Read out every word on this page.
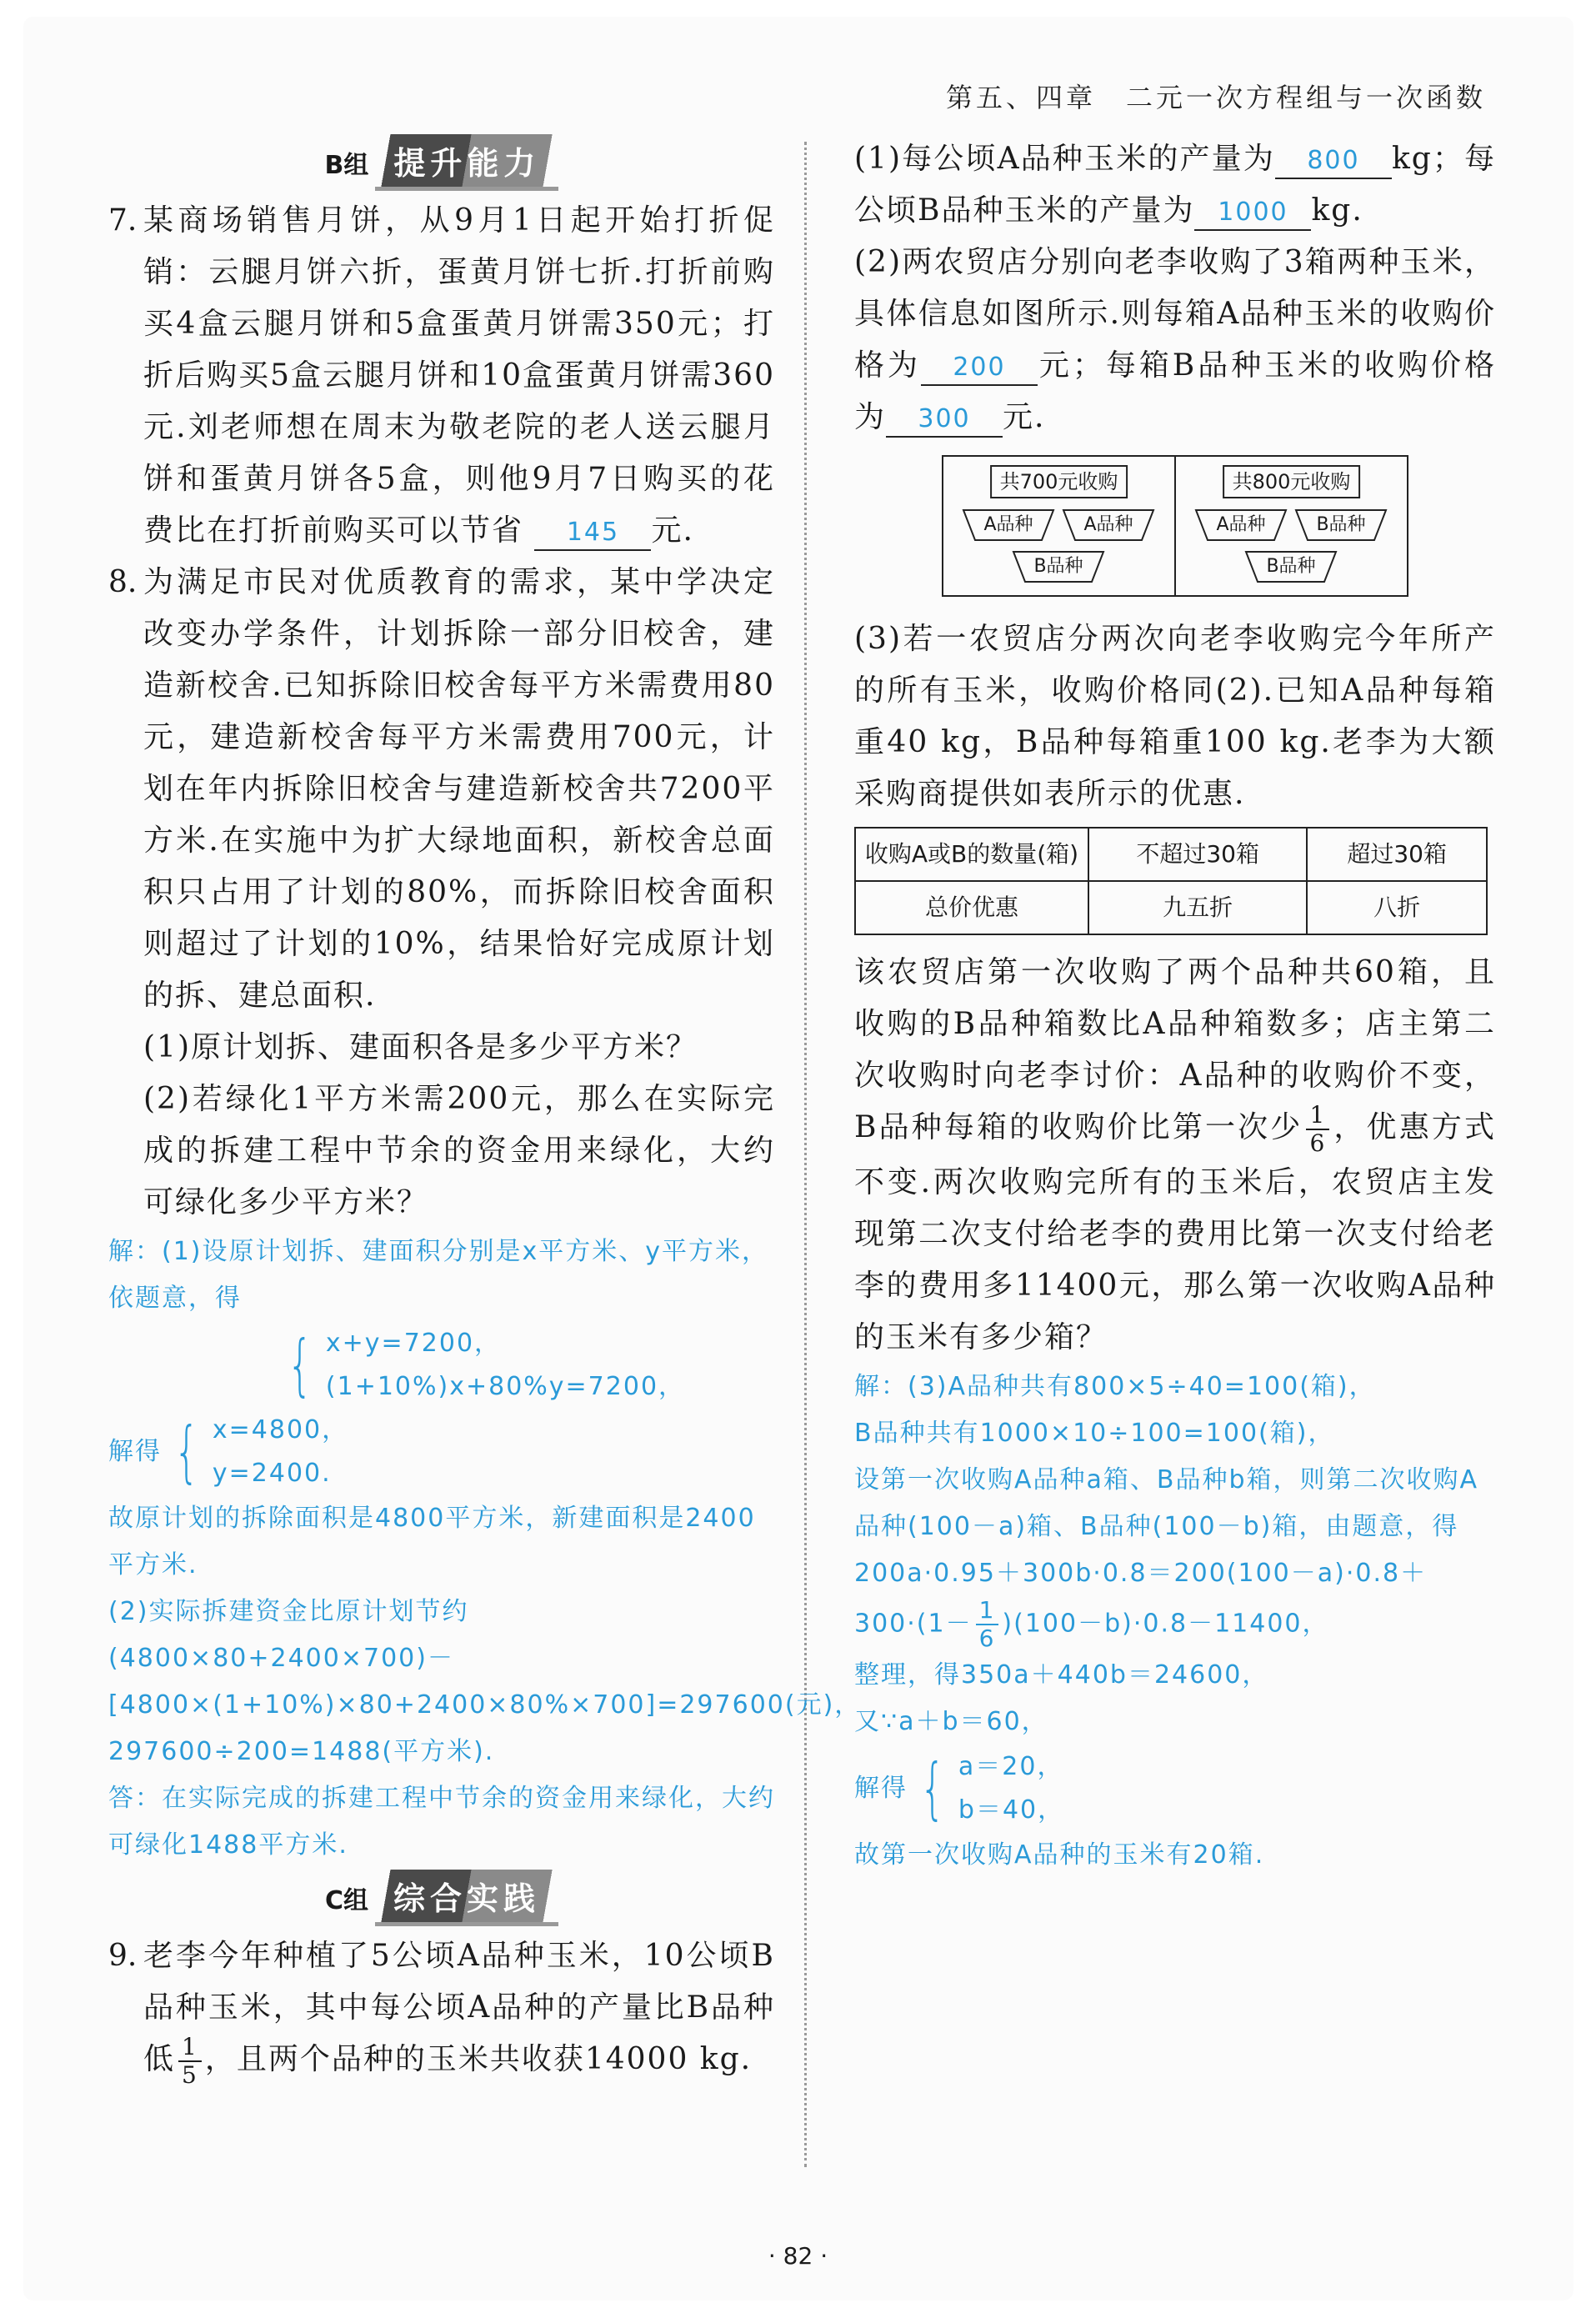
第五、四章　二元一次方程组与一次函数
B组 提升能力
7. 某商场销售月饼，从9月1日起开始打折促销：云腿月饼六折，蛋黄月饼七折.打折前购买4盒云腿月饼和5盒蛋黄月饼需350元；打折后购买5盒云腿月饼和10盒蛋黄月饼需360元.刘老师想在周末为敬老院的老人送云腿月饼和蛋黄月饼各5盒，则他9月7日购买的花费比在打折前购买可以节省 145 元.

8. 为满足市民对优质教育的需求，某中学决定改变办学条件，计划拆除一部分旧校舍，建造新校舍.已知拆除旧校舍每平方米需费用80元，建造新校舍每平方米需费用700元，计划在年内拆除旧校舍与建造新校舍共7200平方米.在实施中为扩大绿地面积，新校舍总面积只占用了计划的80%，而拆除旧校舍面积则超过了计划的10%，结果恰好完成原计划的拆、建总面积.

(1)原计划拆、建面积各是多少平方米？

(2)若绿化1平方米需200元，那么在实际完成的拆建工程中节余的资金用来绿化，大约可绿化多少平方米？

解：(1)设原计划拆、建面积分别是x平方米、y平方米，依题意，得
{ x+y=7200，
(1+10%)x+80%y=7200，

解得 { x=4800，
y=2400.
故原计划的拆除面积是4800平方米，新建面积是2400平方米.
(2)实际拆建资金比原计划节约(4800×80+2400×700)－[4800×(1+10%)×80+2400×80%×700]=297600(元)，
297600÷200=1488(平方米).
答：在实际完成的拆建工程中节余的资金用来绿化，大约可绿化1488平方米.
C组 综合实践
9. 老李今年种植了5公顷A品种玉米，10公顷B品种玉米，其中每公顷A品种的产量比B品种低 $\frac{1}{5}$ ，且两个品种的玉米共收获14000 kg.

(1)每公顷A品种玉米的产量为 800 kg；每公顷B品种玉米的产量为 1000 kg.

(2)两农贸店分别向老李收购了3箱两种玉米，具体信息如图所示.则每箱A品种玉米的收购价格为 200 元；每箱B品种玉米的收购价格为 300 元.

共700元收购
A品种	A品种
B品种
共800元收购
A品种	B品种
B品种

(3)若一农贸店分两次向老李收购完今年所产的所有玉米，收购价格同(2).已知A品种每箱重40 kg，B品种每箱重100 kg.老李为大额采购商提供如表所示的优惠.

收购A或B的数量(箱)	不超过30箱	超过30箱
总价优惠	九五折	八折

该农贸店第一次收购了两个品种共60箱，且收购的B品种箱数比A品种箱数多；店主第二次收购时向老李讨价：A品种的收购价不变，B品种每箱的收购价比第一次少 $\frac{1}{6}$ ，优惠方式不变.两次收购完所有的玉米后，农贸店主发现第二次支付给老李的费用比第一次支付给老李的费用多11400元，那么第一次收购A品种的玉米有多少箱？

解：(3)A品种共有800×5÷40=100(箱)，
B品种共有1000×10÷100=100(箱)，
设第一次收购A品种a箱、B品种b箱，则第二次收购A品种(100－a)箱、B品种(100－b)箱，由题意，得
200a·0.95＋300b·0.8＝200(100－a)·0.8＋
$300\cdot(1- \frac{1}{6} )(100-b)\cdot 0.8-11400$，
整理，得350a＋440b＝24600，
又∵a＋b＝60，
解得 { a＝20，
b＝40，
故第一次收购A品种的玉米有20箱.
· 82 ·
